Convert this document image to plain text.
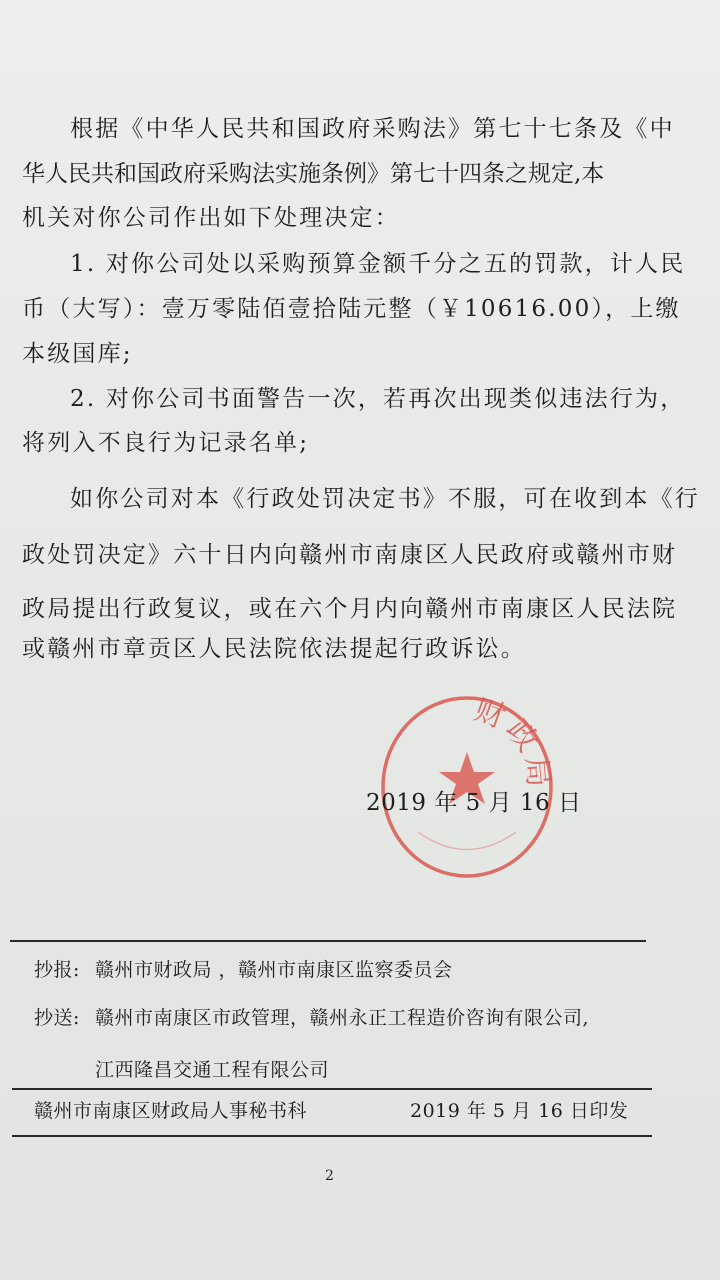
根据《中华人民共和国政府采购法》第七十七条及《中
华人民共和国政府采购法实施条例》第七十四条之规定,本
机关对你公司作出如下处理决定：
1. 对你公司处以采购预算金额千分之五的罚款，计人民
币（大写）：壹万零陆佰壹拾陆元整（￥10616.00），上缴
本级国库;
2. 对你公司书面警告一次，若再次出现类似违法行为，
将列入不良行为记录名单;
如你公司对本《行政处罚决定书》不服，可在收到本《行
政处罚决定》六十日内向赣州市南康区人民政府或赣州市财
政局提出行政复议，或在六个月内向赣州市南康区人民法院
或赣州市章贡区人民法院依法提起行政诉讼。
财政局
2019 年 5 月 16 日
抄报: 赣州市财政局 ，赣州市南康区监察委员会
抄送: 赣州市南康区市政管理，赣州永正工程造价咨询有限公司,
江西隆昌交通工程有限公司
赣州市南康区财政局人事秘书科	2019 年 5 月 16 日印发
2
